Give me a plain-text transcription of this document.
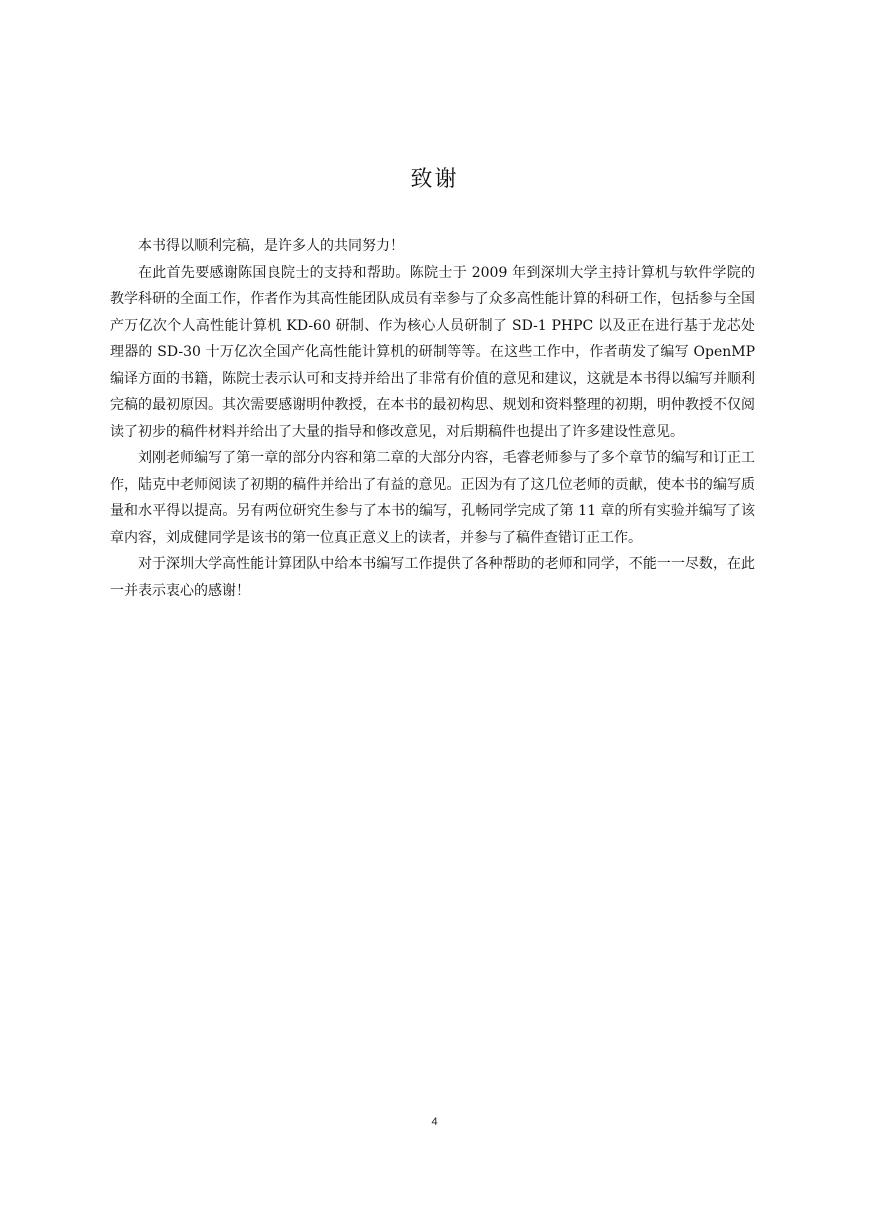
致谢

本书得以顺利完稿，是许多人的共同努力！

在此首先要感谢陈国良院士的支持和帮助。陈院士于 2009 年到深圳大学主持计算机与软件学院的教学科研的全面工作，作者作为其高性能团队成员有幸参与了众多高性能计算的科研工作，包括参与全国产万亿次个人高性能计算机 KD-60 研制、作为核心人员研制了 SD-1 PHPC 以及正在进行基于龙芯处理器的 SD-30 十万亿次全国产化高性能计算机的研制等等。在这些工作中，作者萌发了编写 OpenMP 编译方面的书籍，陈院士表示认可和支持并给出了非常有价值的意见和建议，这就是本书得以编写并顺利完稿的最初原因。其次需要感谢明仲教授，在本书的最初构思、规划和资料整理的初期，明仲教授不仅阅读了初步的稿件材料并给出了大量的指导和修改意见，对后期稿件也提出了许多建设性意见。

刘刚老师编写了第一章的部分内容和第二章的大部分内容，毛睿老师参与了多个章节的编写和订正工作，陆克中老师阅读了初期的稿件并给出了有益的意见。正因为有了这几位老师的贡献，使本书的编写质量和水平得以提高。另有两位研究生参与了本书的编写，孔畅同学完成了第 11 章的所有实验并编写了该章内容，刘成健同学是该书的第一位真正意义上的读者，并参与了稿件查错订正工作。

对于深圳大学高性能计算团队中给本书编写工作提供了各种帮助的老师和同学，不能一一尽数，在此一并表示衷心的感谢！

4
